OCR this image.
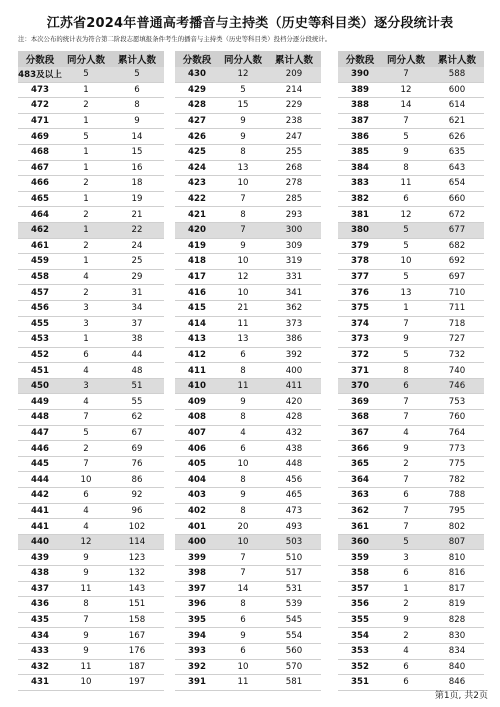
江苏省2024年普通高考播音与主持类（历史等科目类）逐分段统计表
注：本次公布的统计表为符合第二阶段志愿填报条件考生的播音与主持类（历史等科目类）投档分逐分段统计。
分数段	同分人数	累计人数
483及以上	5	5
473	1	6
472	2	8
471	1	9
469	5	14
468	1	15
467	1	16
466	2	18
465	1	19
464	2	21
462	1	22
461	2	24
459	1	25
458	4	29
457	2	31
456	3	34
455	3	37
453	1	38
452	6	44
451	4	48
450	3	51
449	4	55
448	7	62
447	5	67
446	2	69
445	7	76
444	10	86
442	6	92
441	4	96
441	4	102
440	12	114
439	9	123
438	9	132
437	11	143
436	8	151
435	7	158
434	9	167
433	9	176
432	11	187
431	10	197
分数段	同分人数	累计人数
430	12	209
429	5	214
428	15	229
427	9	238
426	9	247
425	8	255
424	13	268
423	10	278
422	7	285
421	8	293
420	7	300
419	9	309
418	10	319
417	12	331
416	10	341
415	21	362
414	11	373
413	13	386
412	6	392
411	8	400
410	11	411
409	9	420
408	8	428
407	4	432
406	6	438
405	10	448
404	8	456
403	9	465
402	8	473
401	20	493
400	10	503
399	7	510
398	7	517
397	14	531
396	8	539
395	6	545
394	9	554
393	6	560
392	10	570
391	11	581
分数段	同分人数	累计人数
390	7	588
389	12	600
388	14	614
387	7	621
386	5	626
385	9	635
384	8	643
383	11	654
382	6	660
381	12	672
380	5	677
379	5	682
378	10	692
377	5	697
376	13	710
375	1	711
374	7	718
373	9	727
372	5	732
371	8	740
370	6	746
369	7	753
368	7	760
367	4	764
366	9	773
365	2	775
364	7	782
363	6	788
362	7	795
361	7	802
360	5	807
359	3	810
358	6	816
357	1	817
356	2	819
355	9	828
354	2	830
353	4	834
352	6	840
351	6	846
第1页, 共2页
